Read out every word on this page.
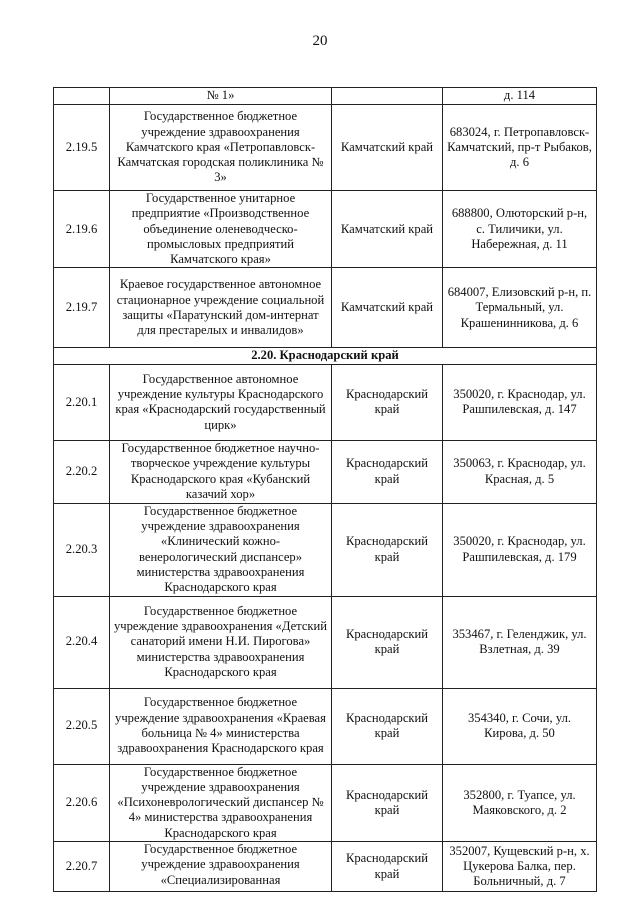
20
	№ 1»		д. 114
2.19.5	Государственное бюджетное учреждение здравоохранения Камчатского края «Петропавловск-Камчатская городская поликлиника № 3»	Камчатский край	683024, г. Петропавловск-Камчатский, пр-т Рыбаков, д. 6
2.19.6	Государственное унитарное предприятие «Производственное объединение оленеводческо-промысловых предприятий Камчатского края»	Камчатский край	688800, Олюторский р-н, с. Тиличики, ул. Набережная, д. 11
2.19.7	Краевое государственное автономное стационарное учреждение социальной защиты «Паратунский дом-интернат для престарелых и инвалидов»	Камчатский край	684007, Елизовский р-н, п. Термальный, ул. Крашенинникова, д. 6
2.20. Краснодарский край			
2.20.1	Государственное автономное учреждение культуры Краснодарского края «Краснодарский государственный цирк»	Краснодарский край	350020, г. Краснодар, ул. Рашпилевская, д. 147
2.20.2	Государственное бюджетное научно-творческое учреждение культуры Краснодарского края «Кубанский казачий хор»	Краснодарский край	350063, г. Краснодар, ул. Красная, д. 5
2.20.3	Государственное бюджетное учреждение здравоохранения «Клинический кожно-венерологический диспансер» министерства здравоохранения Краснодарского края	Краснодарский край	350020, г. Краснодар, ул. Рашпилевская, д. 179
2.20.4	Государственное бюджетное учреждение здравоохранения «Детский санаторий имени Н.И. Пирогова» министерства здравоохранения Краснодарского края	Краснодарский край	353467, г. Геленджик, ул. Взлетная, д. 39
2.20.5	Государственное бюджетное учреждение здравоохранения «Краевая больница № 4» министерства здравоохранения Краснодарского края	Краснодарский край	354340, г. Сочи, ул. Кирова, д. 50
2.20.6	Государственное бюджетное учреждение здравоохранения «Психоневрологический диспансер № 4» министерства здравоохранения Краснодарского края	Краснодарский край	352800, г. Туапсе, ул. Маяковского, д. 2
2.20.7	Государственное бюджетное учреждение здравоохранения «Специализированная	Краснодарский край	352007, Кущевский р-н, х. Цукерова Балка, пер. Больничный, д. 7
